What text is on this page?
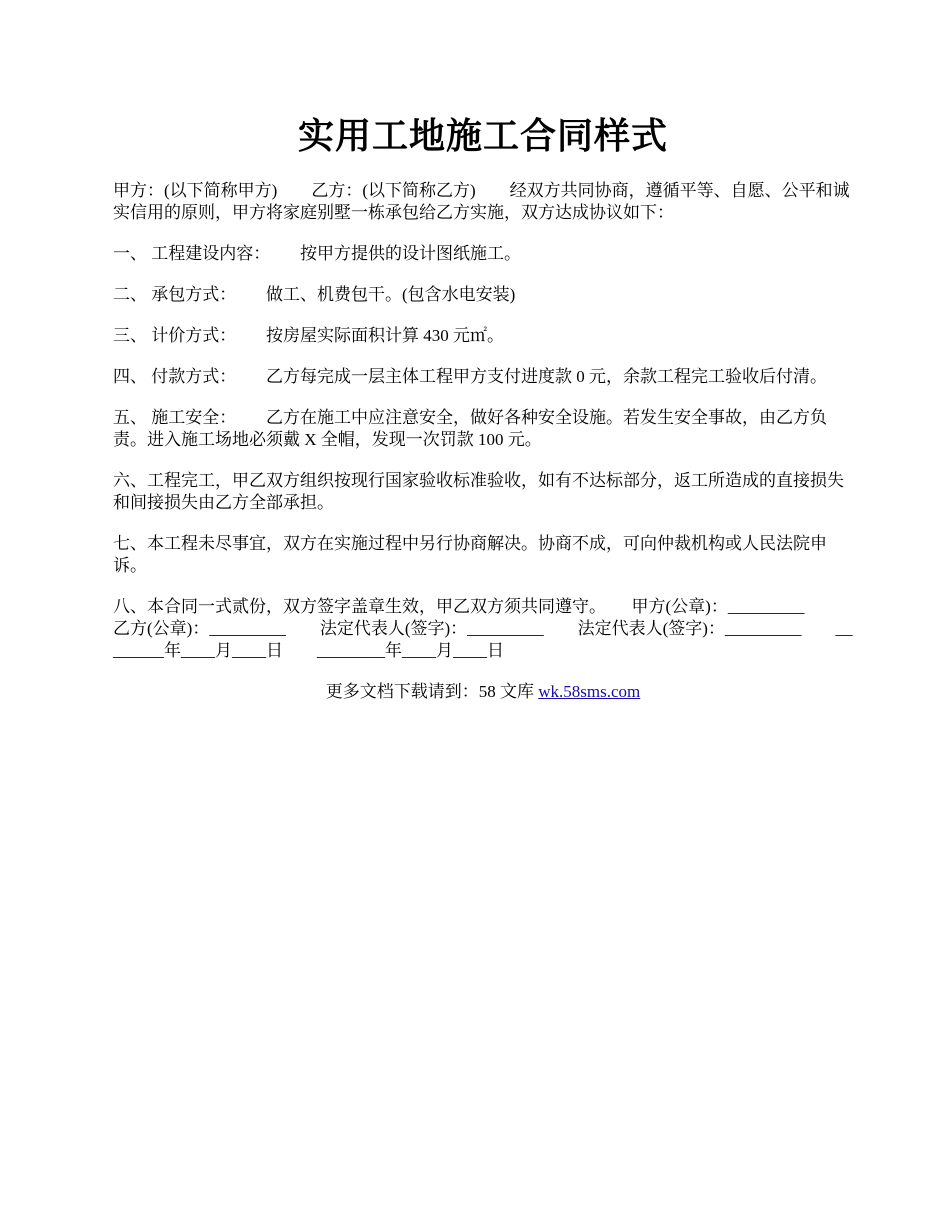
实用工地施工合同样式

甲方：(以下简称甲方)　　乙方：(以下简称乙方)　　经双方共同协商，遵循平等、自愿、公平和诚实信用的原则，甲方将家庭别墅一栋承包给乙方实施，双方达成协议如下：

一、 工程建设内容：　　 按甲方提供的设计图纸施工。

二、 承包方式：　　 做工、机费包干。(包含水电安装)

三、 计价方式：　　 按房屋实际面积计算 430 元㎡。

四、 付款方式：　　 乙方每完成一层主体工程甲方支付进度款 0 元，余款工程完工验收后付清。

五、 施工安全：　　 乙方在施工中应注意安全，做好各种安全设施。若发生安全事故，由乙方负责。进入施工场地必须戴 X 全帽，发现一次罚款 100 元。

六、工程完工，甲乙双方组织按现行国家验收标准验收，如有不达标部分，返工所造成的直接损失和间接损失由乙方全部承担。

七、本工程未尽事宜，双方在实施过程中另行协商解决。协商不成，可向仲裁机构或人民法院申诉。

八、本合同一式贰份，双方签字盖章生效，甲乙双方须共同遵守。　　甲方(公章)：_________　　乙方(公章)：_________　　法定代表人(签字)：_________　　法定代表人(签字)：_________　　________年____月____日　　________年____月____日

更多文档下载请到：58 文库 wk.58sms.com
